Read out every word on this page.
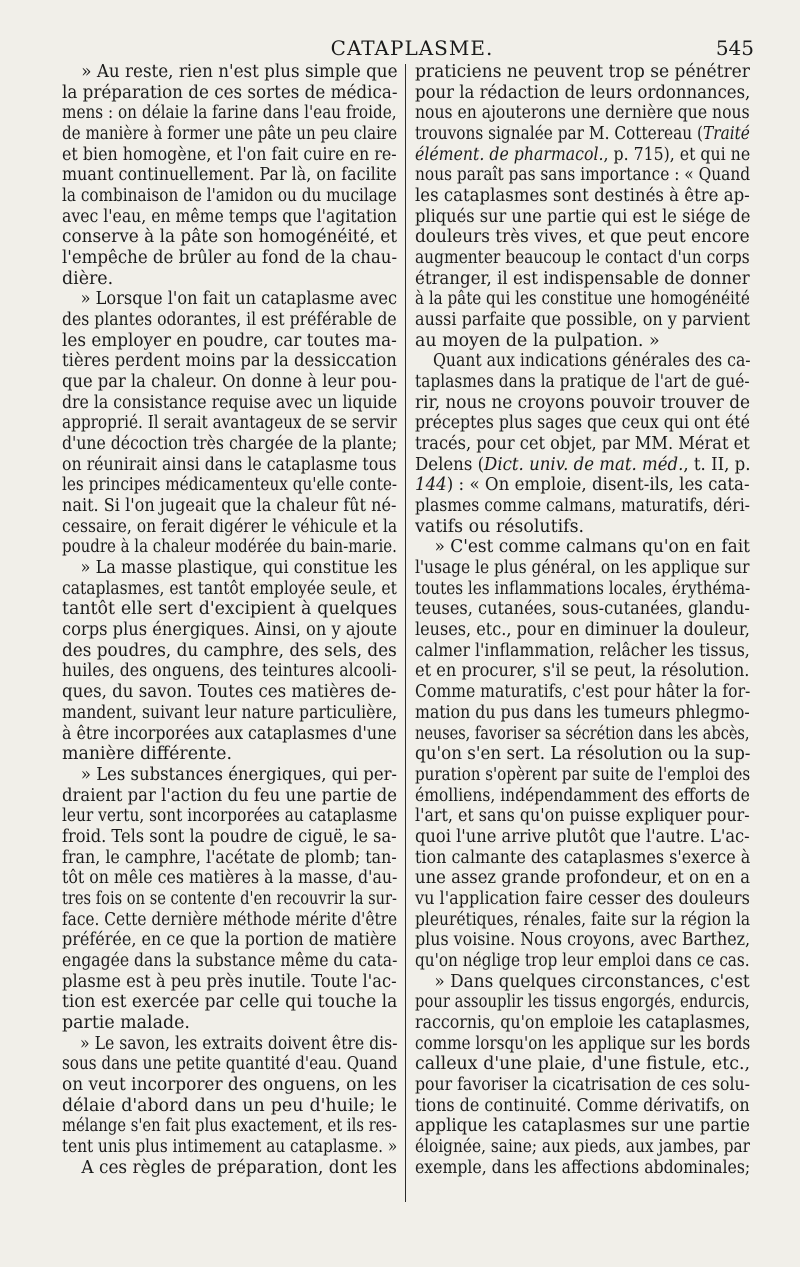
CATAPLASME.	545
» Au reste, rien n'est plus simple que
la préparation de ces sortes de médica-
mens : on délaie la farine dans l'eau froide,
de manière à former une pâte un peu claire
et bien homogène, et l'on fait cuire en re-
muant continuellement. Par là, on facilite
la combinaison de l'amidon ou du mucilage
avec l'eau, en même temps que l'agitation
conserve à la pâte son homogénéité, et
l'empêche de brûler au fond de la chau-
dière.
» Lorsque l'on fait un cataplasme avec
des plantes odorantes, il est préférable de
les employer en poudre, car toutes ma-
tières perdent moins par la dessiccation
que par la chaleur. On donne à leur pou-
dre la consistance requise avec un liquide
approprié. Il serait avantageux de se servir
d'une décoction très chargée de la plante;
on réunirait ainsi dans le cataplasme tous
les principes médicamenteux qu'elle conte-
nait. Si l'on jugeait que la chaleur fût né-
cessaire, on ferait digérer le véhicule et la
poudre à la chaleur modérée du bain-marie.
» La masse plastique, qui constitue les
cataplasmes, est tantôt employée seule, et
tantôt elle sert d'excipient à quelques
corps plus énergiques. Ainsi, on y ajoute
des poudres, du camphre, des sels, des
huiles, des onguens, des teintures alcooli-
ques, du savon. Toutes ces matières de-
mandent, suivant leur nature particulière,
à être incorporées aux cataplasmes d'une
manière différente.
» Les substances énergiques, qui per-
draient par l'action du feu une partie de
leur vertu, sont incorporées au cataplasme
froid. Tels sont la poudre de ciguë, le sa-
fran, le camphre, l'acétate de plomb; tan-
tôt on mêle ces matières à la masse, d'au-
tres fois on se contente d'en recouvrir la sur-
face. Cette dernière méthode mérite d'être
préférée, en ce que la portion de matière
engagée dans la substance même du cata-
plasme est à peu près inutile. Toute l'ac-
tion est exercée par celle qui touche la
partie malade.
» Le savon, les extraits doivent être dis-
sous dans une petite quantité d'eau. Quand
on veut incorporer des onguens, on les
délaie d'abord dans un peu d'huile; le
mélange s'en fait plus exactement, et ils res-
tent unis plus intimement au cataplasme. »
A ces règles de préparation, dont les
praticiens ne peuvent trop se pénétrer
pour la rédaction de leurs ordonnances,
nous en ajouterons une dernière que nous
trouvons signalée par M. Cottereau (Traité
élément. de pharmacol., p. 715), et qui ne
nous paraît pas sans importance : « Quand
les cataplasmes sont destinés à être ap-
pliqués sur une partie qui est le siége de
douleurs très vives, et que peut encore
augmenter beaucoup le contact d'un corps
étranger, il est indispensable de donner
à la pâte qui les constitue une homogénéité
aussi parfaite que possible, on y parvient
au moyen de la pulpation. »
Quant aux indications générales des ca-
taplasmes dans la pratique de l'art de gué-
rir, nous ne croyons pouvoir trouver de
préceptes plus sages que ceux qui ont été
tracés, pour cet objet, par MM. Mérat et
Delens (Dict. univ. de mat. méd., t. II, p.
144) : « On emploie, disent-ils, les cata-
plasmes comme calmans, maturatifs, déri-
vatifs ou résolutifs.
» C'est comme calmans qu'on en fait
l'usage le plus général, on les applique sur
toutes les inflammations locales, érythéma-
teuses, cutanées, sous-cutanées, glandu-
leuses, etc., pour en diminuer la douleur,
calmer l'inflammation, relâcher les tissus,
et en procurer, s'il se peut, la résolution.
Comme maturatifs, c'est pour hâter la for-
mation du pus dans les tumeurs phlegmo-
neuses, favoriser sa sécrétion dans les abcès,
qu'on s'en sert. La résolution ou la sup-
puration s'opèrent par suite de l'emploi des
émolliens, indépendamment des efforts de
l'art, et sans qu'on puisse expliquer pour-
quoi l'une arrive plutôt que l'autre. L'ac-
tion calmante des cataplasmes s'exerce à
une assez grande profondeur, et on en a
vu l'application faire cesser des douleurs
pleurétiques, rénales, faite sur la région la
plus voisine. Nous croyons, avec Barthez,
qu'on néglige trop leur emploi dans ce cas.
» Dans quelques circonstances, c'est
pour assouplir les tissus engorgés, endurcis,
raccornis, qu'on emploie les cataplasmes,
comme lorsqu'on les applique sur les bords
calleux d'une plaie, d'une fistule, etc.,
pour favoriser la cicatrisation de ces solu-
tions de continuité. Comme dérivatifs, on
applique les cataplasmes sur une partie
éloignée, saine; aux pieds, aux jambes, par
exemple, dans les affections abdominales;
